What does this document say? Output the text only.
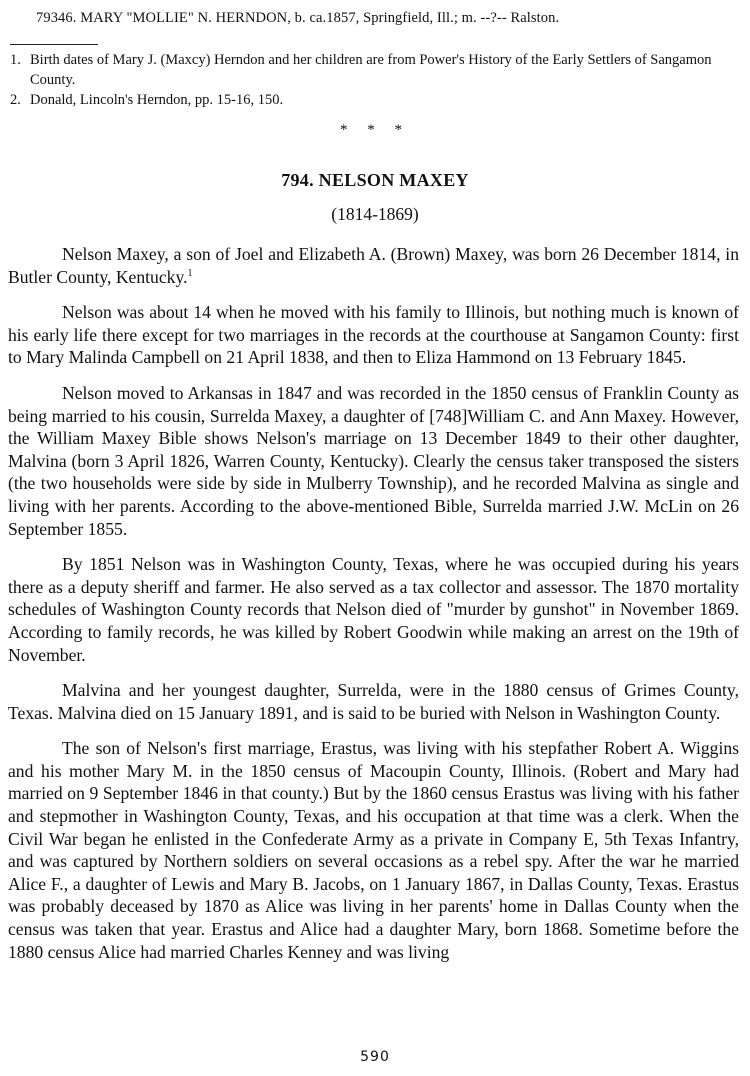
79346. MARY "MOLLIE" N. HERNDON, b. ca.1857, Springfield, Ill.; m. --?-- Ralston.
1. Birth dates of Mary J. (Maxcy) Herndon and her children are from Power's History of the Early Settlers of Sangamon County.
2. Donald, Lincoln's Herndon, pp. 15-16, 150.
* * *
794. NELSON MAXEY
(1814-1869)

Nelson Maxey, a son of Joel and Elizabeth A. (Brown) Maxey, was born 26 December 1814, in Butler County, Kentucky.$^1$

Nelson was about 14 when he moved with his family to Illinois, but nothing much is known of his early life there except for two marriages in the records at the courthouse at Sangamon County: first to Mary Malinda Campbell on 21 April 1838, and then to Eliza Hammond on 13 February 1845.

Nelson moved to Arkansas in 1847 and was recorded in the 1850 census of Franklin County as being married to his cousin, Surrelda Maxey, a daughter of [748]William C. and Ann Maxey. However, the William Maxey Bible shows Nelson's marriage on 13 December 1849 to their other daughter, Malvina (born 3 April 1826, Warren County, Kentucky). Clearly the census taker transposed the sisters (the two households were side by side in Mulberry Township), and he recorded Malvina as single and living with her parents. According to the above-mentioned Bible, Surrelda married J.W. McLin on 26 September 1855.

By 1851 Nelson was in Washington County, Texas, where he was occupied during his years there as a deputy sheriff and farmer. He also served as a tax collector and assessor. The 1870 mortality schedules of Washington County records that Nelson died of "murder by gunshot" in November 1869. According to family records, he was killed by Robert Goodwin while making an arrest on the 19th of November.

Malvina and her youngest daughter, Surrelda, were in the 1880 census of Grimes County, Texas. Malvina died on 15 January 1891, and is said to be buried with Nelson in Washington County.

The son of Nelson's first marriage, Erastus, was living with his stepfather Robert A. Wiggins and his mother Mary M. in the 1850 census of Macoupin County, Illinois. (Robert and Mary had married on 9 September 1846 in that county.) But by the 1860 census Erastus was living with his father and stepmother in Washington County, Texas, and his occupation at that time was a clerk. When the Civil War began he enlisted in the Confederate Army as a private in Company E, 5th Texas Infantry, and was captured by Northern soldiers on several occasions as a rebel spy. After the war he married Alice F., a daughter of Lewis and Mary B. Jacobs, on 1 January 1867, in Dallas County, Texas. Erastus was probably deceased by 1870 as Alice was living in her parents' home in Dallas County when the census was taken that year. Erastus and Alice had a daughter Mary, born 1868. Sometime before the 1880 census Alice had married Charles Kenney and was living

590
